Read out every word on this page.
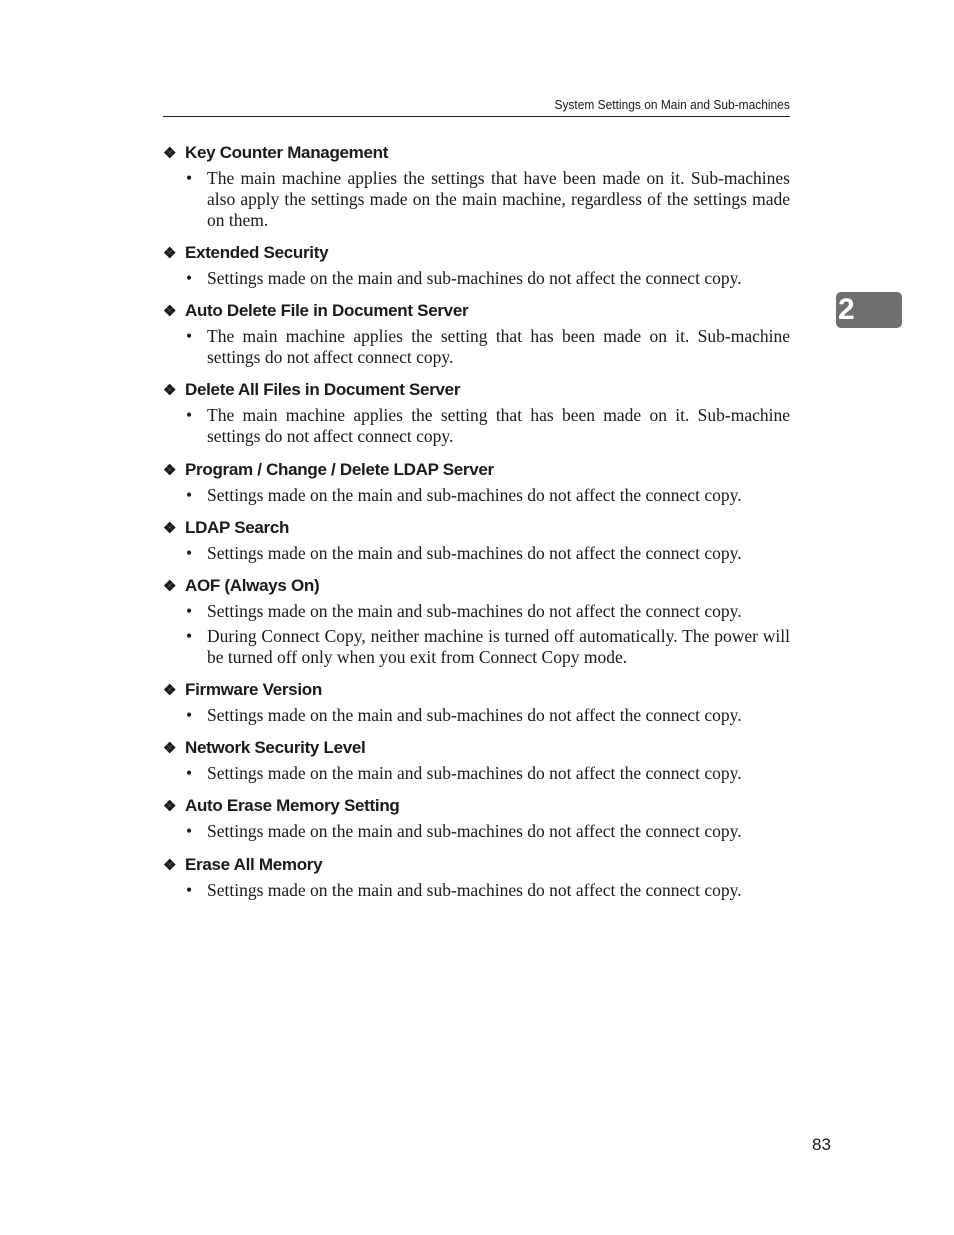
System Settings on Main and Sub-machines
2
❖ Key Counter Management
• The main machine applies the settings that have been made on it. Sub-machines also apply the settings made on the main machine, regardless of the settings made on them.
❖ Extended Security
• Settings made on the main and sub-machines do not affect the connect copy.
❖ Auto Delete File in Document Server
• The main machine applies the setting that has been made on it. Sub-machine settings do not affect connect copy.
❖ Delete All Files in Document Server
• The main machine applies the setting that has been made on it. Sub-machine settings do not affect connect copy.
❖ Program / Change / Delete LDAP Server
• Settings made on the main and sub-machines do not affect the connect copy.
❖ LDAP Search
• Settings made on the main and sub-machines do not affect the connect copy.
❖ AOF (Always On)
• Settings made on the main and sub-machines do not affect the connect copy.
• During Connect Copy, neither machine is turned off automatically. The power will be turned off only when you exit from Connect Copy mode.
❖ Firmware Version
• Settings made on the main and sub-machines do not affect the connect copy.
❖ Network Security Level
• Settings made on the main and sub-machines do not affect the connect copy.
❖ Auto Erase Memory Setting
• Settings made on the main and sub-machines do not affect the connect copy.
❖ Erase All Memory
• Settings made on the main and sub-machines do not affect the connect copy.
83
